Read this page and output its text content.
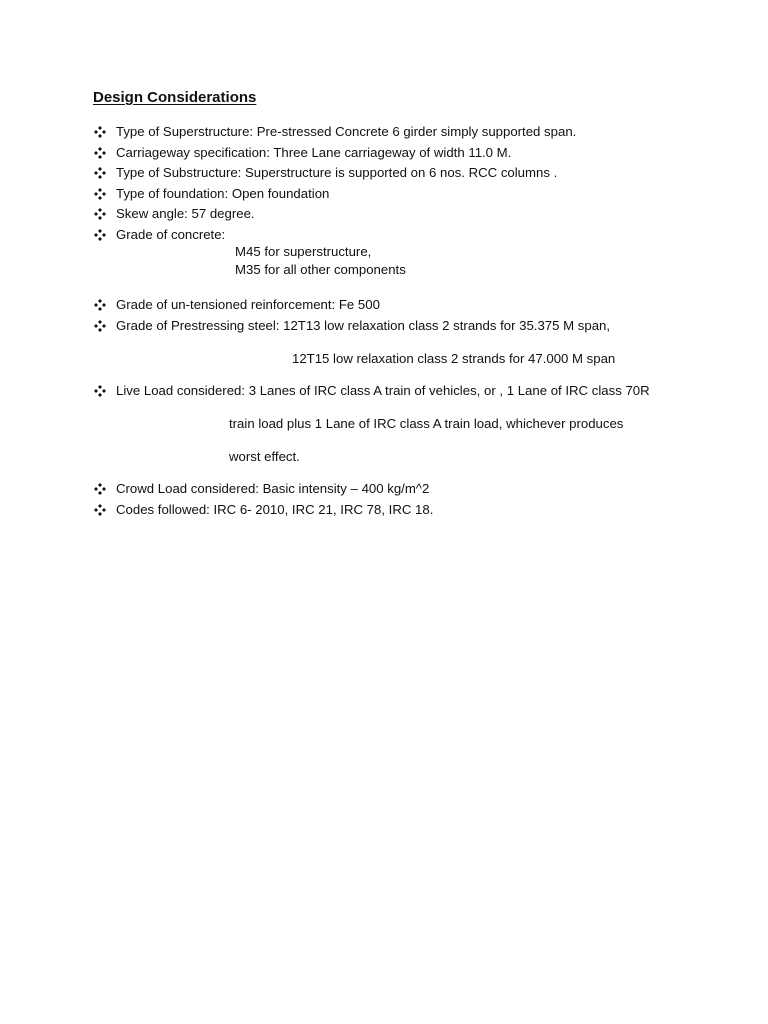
Design Considerations
Type of Superstructure: Pre-stressed Concrete 6 girder simply supported span.
Carriageway specification: Three Lane carriageway of width 11.0 M.
Type of Substructure: Superstructure is supported on 6 nos. RCC columns .
Type of foundation: Open foundation
Skew angle: 57 degree.
Grade of concrete:
M45 for superstructure,
M35 for all other components
Grade of un-tensioned reinforcement: Fe 500
Grade of Prestressing steel: 12T13 low relaxation class 2 strands for 35.375 M span,
12T15 low relaxation class 2 strands for 47.000 M span
Live Load considered: 3 Lanes of IRC class A train of vehicles, or , 1 Lane of IRC class 70R
train load plus 1 Lane of IRC class A train load, whichever produces
worst effect.
Crowd Load considered: Basic intensity – 400 kg/m^2
Codes followed: IRC 6- 2010, IRC 21, IRC 78, IRC 18.
